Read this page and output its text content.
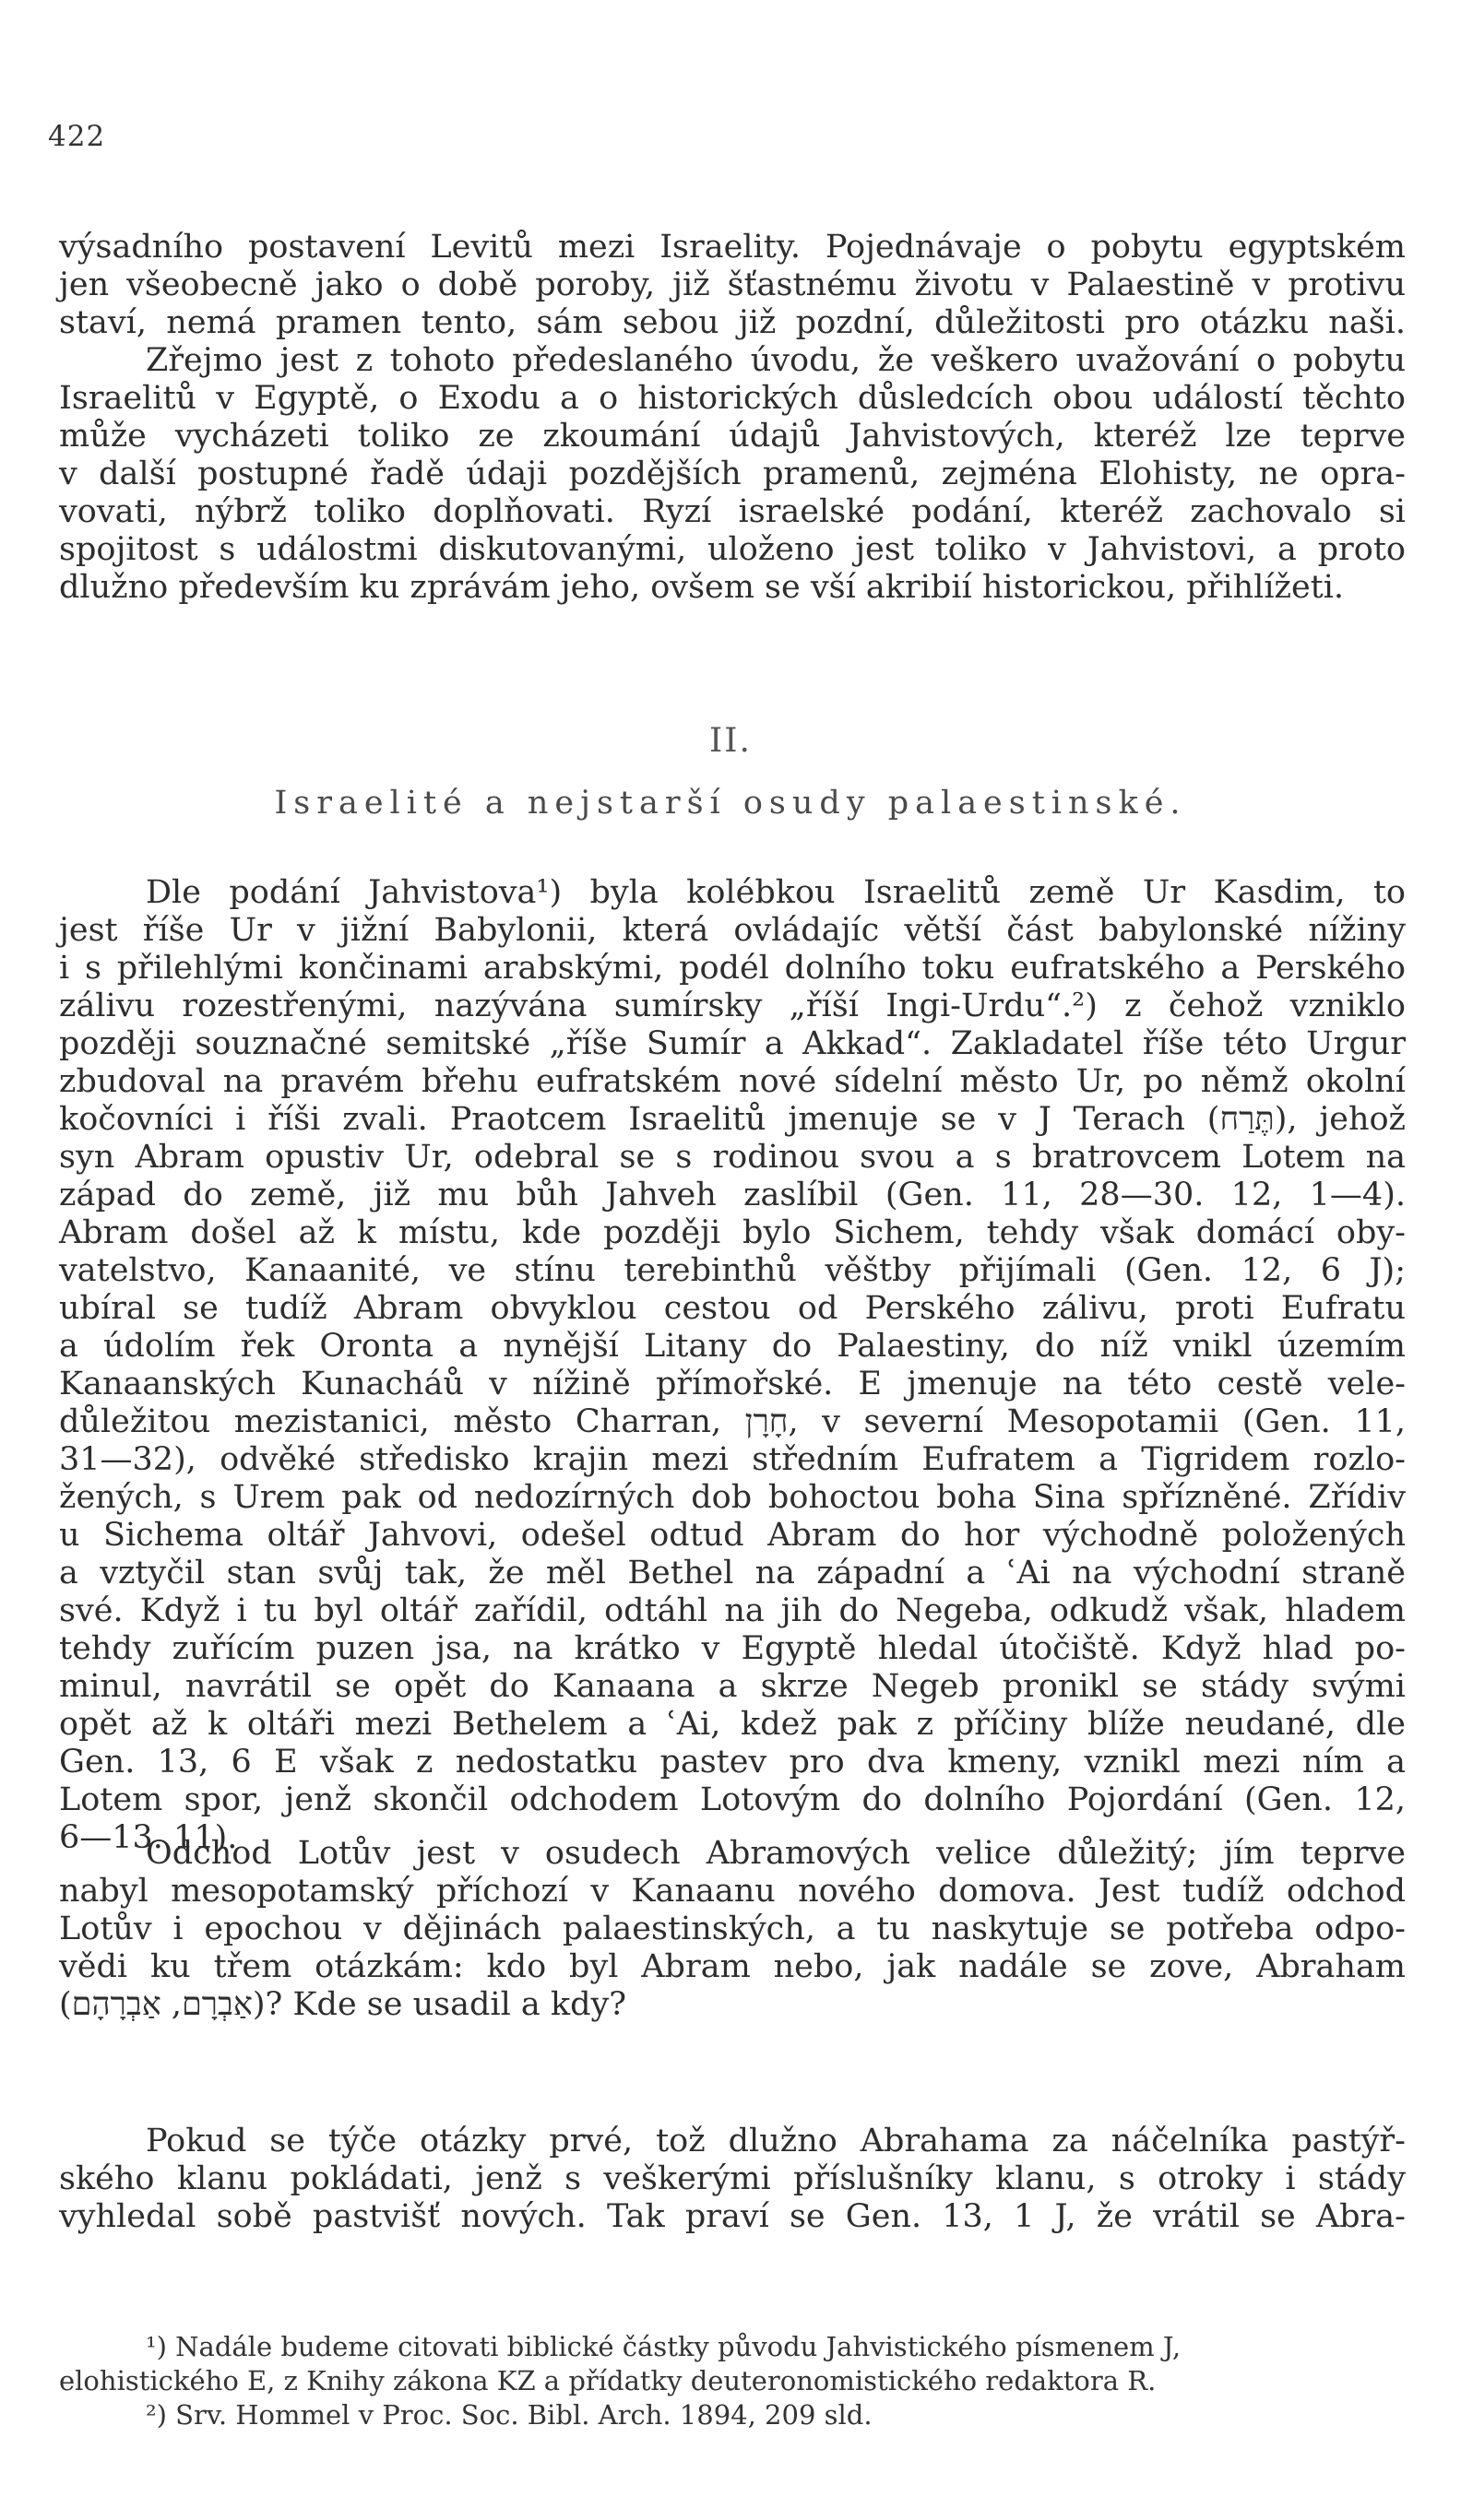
422

výsadního postavení Levitů mezi Israelity. Pojednávaje o pobytu egyptském
jen všeobecně jako o době poroby, již šťastnému životu v Palaestině v protivu
staví, nemá pramen tento, sám sebou již pozdní, důležitosti pro otázku naši.
Zřejmo jest z tohoto předeslaného úvodu, že veškero uvažování o pobytu
Israelitů v Egyptě, o Exodu a o historických důsledcích obou událostí těchto
může vycházeti toliko ze zkoumání údajů Jahvistových, kteréž lze teprve
v další postupné řadě údaji pozdějších pramenů, zejména Elohisty, ne opra-
vovati, nýbrž toliko doplňovati. Ryzí israelské podání, kteréž zachovalo si
spojitost s událostmi diskutovanými, uloženo jest toliko v Jahvistovi, a proto
dlužno především ku zprávám jeho, ovšem se vší akribií historickou, přihlížeti.

II.
Israelité a nejstarší osudy palaestinské.

Dle podání Jahvistova¹) byla kolébkou Israelitů země Ur Kasdim, to
jest říše Ur v jižní Babylonii, která ovládajíc větší část babylonské nížiny
i s přilehlými končinami arabskými, podél dolního toku eufratského a Perského
zálivu rozestřenými, nazývána sumírsky „říší Ingi-Urdu“.²) z čehož vzniklo
později souznačné semitské „říše Sumír a Akkad“. Zakladatel říše této Urgur
zbudoval na pravém břehu eufratském nové sídelní město Ur, po němž okolní
kočovníci i říši zvali. Praotcem Israelitů jmenuje se v J Terach (תֶּרַח), jehož
syn Abram opustiv Ur, odebral se s rodinou svou a s bratrovcem Lotem na
západ do země, již mu bůh Jahveh zaslíbil (Gen. 11, 28—30. 12, 1—4).
Abram došel až k místu, kde později bylo Sichem, tehdy však domácí oby-
vatelstvo, Kanaanité, ve stínu terebinthů věštby přijímali (Gen. 12, 6 J);
ubíral se tudíž Abram obvyklou cestou od Perského zálivu, proti Eufratu
a údolím řek Oronta a nynější Litany do Palaestiny, do níž vnikl územím
Kanaanských Kunacháů v nížině přímořské. E jmenuje na této cestě vele-
důležitou mezistanici, město Charran, חָרָן, v severní Mesopotamii (Gen. 11,
31—32), odvěké středisko krajin mezi středním Eufratem a Tigridem rozlo-
žených, s Urem pak od nedozírných dob bohoctou boha Sina spřízněné. Zřídiv
u Sichema oltář Jahvovi, odešel odtud Abram do hor východně položených
a vztyčil stan svůj tak, že měl Bethel na západní a ʿAi na východní straně
své. Když i tu byl oltář zařídil, odtáhl na jih do Negeba, odkudž však, hladem
tehdy zuřícím puzen jsa, na krátko v Egyptě hledal útočiště. Když hlad po-
minul, navrátil se opět do Kanaana a skrze Negeb pronikl se stády svými
opět až k oltáři mezi Bethelem a ʿAi, kdež pak z příčiny blíže neudané, dle
Gen. 13, 6 E však z nedostatku pastev pro dva kmeny, vznikl mezi ním a
Lotem spor, jenž skončil odchodem Lotovým do dolního Pojordání (Gen. 12,
6—13. 11).

Odchod Lotův jest v osudech Abramových velice důležitý; jím teprve
nabyl mesopotamský příchozí v Kanaanu nového domova. Jest tudíž odchod
Lotův i epochou v dějinách palaestinských, a tu naskytuje se potřeba odpo-
vědi ku třem otázkám: kdo byl Abram nebo, jak nadále se zove, Abraham
(אַבְרָם, אַבְרָהָם)? Kde se usadil a kdy?

Pokud se týče otázky prvé, tož dlužno Abrahama za náčelníka pastýř-
ského klanu pokládati, jenž s veškerými příslušníky klanu, s otroky i stády
vyhledal sobě pastvišť nových. Tak praví se Gen. 13, 1 J, že vrátil se Abra-

¹) Nadále budeme citovati biblické částky původu Jahvistického písmenem J,
elohistického E, z Knihy zákona KZ a přídatky deuteronomistického redaktora R.
²) Srv. Hommel v Proc. Soc. Bibl. Arch. 1894, 209 sld.
